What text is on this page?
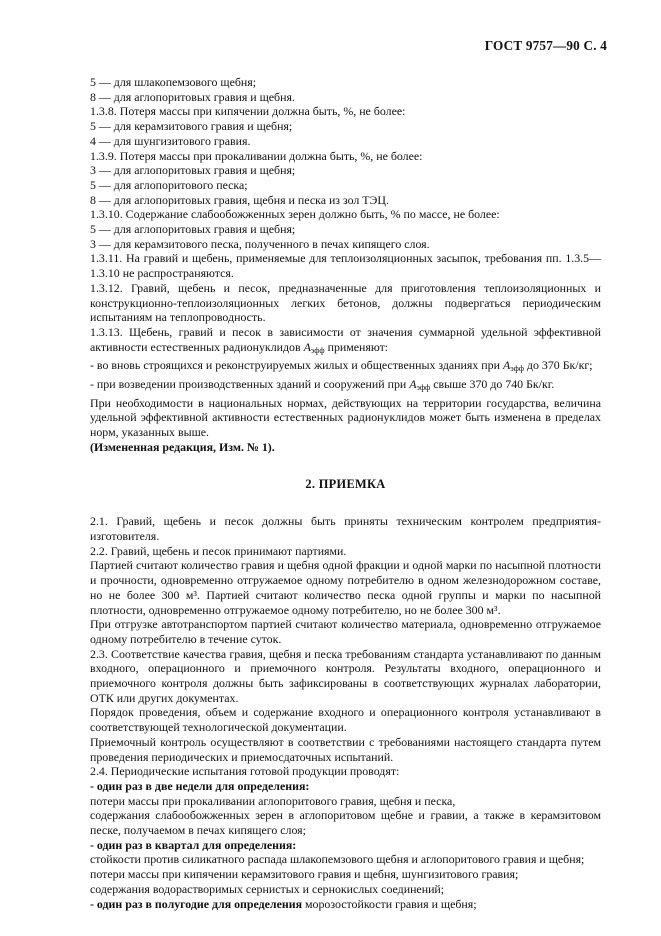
ГОСТ 9757—90 С. 4

5 — для шлакопемзового щебня;

8 — для аглопоритовых гравия и щебня.

1.3.8. Потеря массы при кипячении должна быть, %, не более:

5 — для керамзитового гравия и щебня;

4 — для шунгизитового гравия.

1.3.9. Потеря массы при прокаливании должна быть, %, не более:

3 — для аглопоритовых гравия и щебня;

5 — для аглопоритового песка;

8 — для аглопоритовых гравия, щебня и песка из зол ТЭЦ.

1.3.10. Содержание слабообожженных зерен должно быть, % по массе, не более:

5 — для аглопоритовых гравия и щебня;

3 — для керамзитового песка, полученного в печах кипящего слоя.

1.3.11. На гравий и щебень, применяемые для теплоизоляционных засыпок, требования пп. 1.3.5—1.3.10 не распространяются.

1.3.12. Гравий, щебень и песок, предназначенные для приготовления теплоизоляционных и конструкционно-теплоизоляционных легких бетонов, должны подвергаться периодическим испытаниям на теплопроводность.

1.3.13. Щебень, гравий и песок в зависимости от значения суммарной удельной эффективной активности естественных радионуклидов $A_{эфф}$ применяют:

- во вновь строящихся и реконструируемых жилых и общественных зданиях при $A_{эфф}$ до 370 Бк/кг;

- при возведении производственных зданий и сооружений при $A_{эфф}$ свыше 370 до 740 Бк/кг.

При необходимости в национальных нормах, действующих на территории государства, величина удельной эффективной активности естественных радионуклидов может быть изменена в пределах норм, указанных выше.

(Измененная редакция, Изм. № 1).

2. ПРИЕМКА

2.1. Гравий, щебень и песок должны быть приняты техническим контролем предприятия-изготовителя.

2.2. Гравий, щебень и песок принимают партиями.

Партией считают количество гравия и щебня одной фракции и одной марки по насыпной плотности и прочности, одновременно отгружаемое одному потребителю в одном железнодорожном составе, но не более 300 м³. Партией считают количество песка одной группы и марки по насыпной плотности, одновременно отгружаемое одному потребителю, но не более 300 м³.

При отгрузке автотранспортом партией считают количество материала, одновременно отгружаемое одному потребителю в течение суток.

2.3. Соответствие качества гравия, щебня и песка требованиям стандарта устанавливают по данным входного, операционного и приемочного контроля. Результаты входного, операционного и приемочного контроля должны быть зафиксированы в соответствующих журналах лаборатории, ОТК или других документах.

Порядок проведения, объем и содержание входного и операционного контроля устанавливают в соответствующей технологической документации.

Приемочный контроль осуществляют в соответствии с требованиями настоящего стандарта путем проведения периодических и приемосдаточных испытаний.

2.4. Периодические испытания готовой продукции проводят:

- один раз в две недели для определения:

потери массы при прокаливании аглопоритового гравия, щебня и песка,

содержания слабообожженных зерен в аглопоритовом щебне и гравии, а также в керамзитовом песке, получаемом в печах кипящего слоя;

- один раз в квартал для определения:

стойкости против силикатного распада шлакопемзового щебня и аглопоритового гравия и щебня;

потери массы при кипячении керамзитового гравия и щебня, шунгизитового гравия;

содержания водорастворимых сернистых и сернокислых соединений;

- один раз в полугодие для определения морозостойкости гравия и щебня;
